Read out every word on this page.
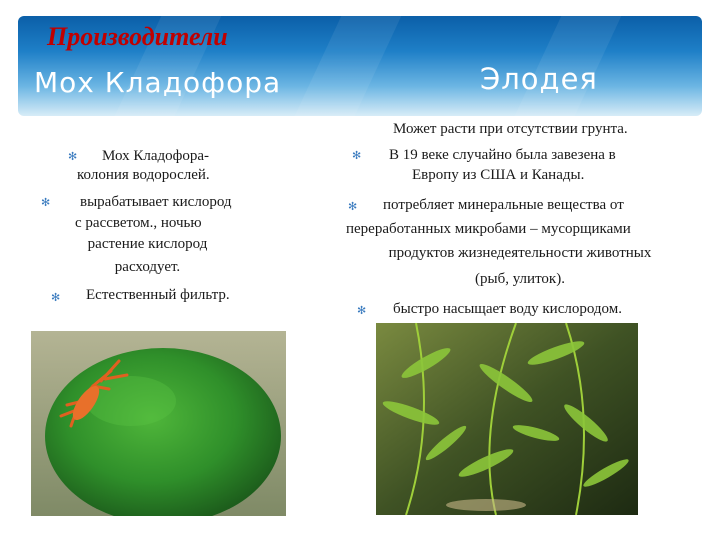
Производители
Мох Кладофора	Элодея
✻ Мох Кладофора-
колония водорослей.
✻ вырабатывает кислород
с рассветом., ночью
растение кислород
расходует.
✻ Естественный фильтр.
Может расти при отсутствии грунта.
✻ В 19 веке случайно была завезена в
Европу из США и Канады.
✻ потребляет минеральные вещества от
переработанных микробами – мусорщиками
продуктов жизнедеятельности животных
(рыб, улиток).
✻ быстро насыщает воду кислородом.
